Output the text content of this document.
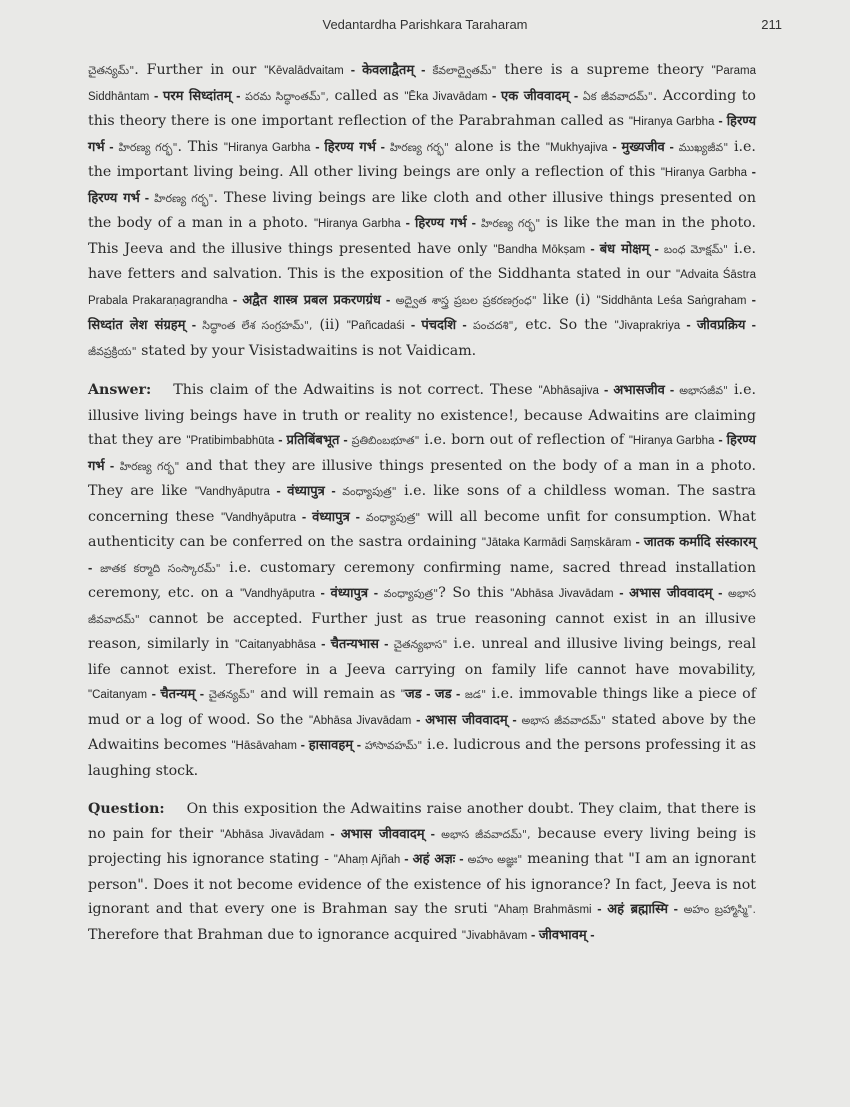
Vedantardha Parishkara Taraharam	211

చైతన్యమ్". Further in our "Kēvalādvaitam - केवलाद्वैतम् - కేవలాద్వైతమ్" there is a supreme theory "Parama Siddhāntam - परम सिध्दांतम् - పరమ సిద్ధాంతమ్", called as "Ēka Jivavādam - एक जीववादम् - ఏక జీవవాదమ్". According to this theory there is one important reflection of the Parabrahman called as "Hiranya Garbha - हिरण्य गर्भ - హిరణ్య గర్భ". This "Hiranya Garbha - हिरण्य गर्भ - హిరణ్య గర్భ" alone is the "Mukhyajiva - मुख्यजीव - ముఖ్యజీవ" i.e. the important living being. All other living beings are only a reflection of this "Hiranya Garbha - हिरण्य गर्भ - హిరణ్య గర్భ". These living beings are like cloth and other illusive things presented on the body of a man in a photo. "Hiranya Garbha - हिरण्य गर्भ - హిరణ్య గర్భ" is like the man in the photo. This Jeeva and the illusive things presented have only "Bandha Mōkṣam - बंध मोक्षम् - బంధ మోక్షమ్" i.e. have fetters and salvation. This is the exposition of the Siddhanta stated in our "Advaita Śāstra Prabala Prakaraṇagrandha - अद्वैत शास्त्र प्रबल प्रकरणग्रंध - అద్వైత శాస్త్ర ప్రబల ప్రకరణగ్రంధ" like (i) "Siddhānta Leśa Saṅgraham - सिध्दांत लेश संग्रहम् - సిద్ధాంత లేశ సంగ్రహమ్", (ii) "Pañcadaśi - पंचदशि - పంచదశి", etc. So the "Jivaprakriya - जीवप्रक्रिय - జీవప్రక్రియ" stated by your Visistadwaitins is not Vaidicam.

Answer: This claim of the Adwaitins is not correct. These "Abhāsajiva - अभासजीव - అభాసజీవ" i.e. illusive living beings have in truth or reality no existence!, because Adwaitins are claiming that they are "Pratibimbabhūta - प्रतिबिंबभूत - ప్రతిబింబభూత" i.e. born out of reflection of "Hiranya Garbha - हिरण्य गर्भ - హిరణ్య గర్భ" and that they are illusive things presented on the body of a man in a photo. They are like "Vandhyāputra - वंध्यापुत्र - వంధ్యాపుత్ర" i.e. like sons of a childless woman. The sastra concerning these "Vandhyāputra - वंध्यापुत्र - వంధ్యాపుత్ర" will all become unfit for consumption. What authenticity can be conferred on the sastra ordaining "Jātaka Karmādi Saṃskāram - जातक कर्मादि संस्कारम् - జాతక కర్మాది సంస్కారమ్" i.e. customary ceremony confirming name, sacred thread installation ceremony, etc. on a "Vandhyāputra - वंध्यापुत्र - వంధ్యాపుత్ర"? So this "Abhāsa Jivavādam - अभास जीववादम् - అభాస జీవవాదమ్" cannot be accepted. Further just as true reasoning cannot exist in an illusive reason, similarly in "Caitanyabhāsa - चैतन्यभास - చైతన్యభాస" i.e. unreal and illusive living beings, real life cannot exist. Therefore in a Jeeva carrying on family life cannot have movability, "Caitanyam - चैतन्यम् - చైతన్యమ్" and will remain as "जड - जड - జడ" i.e. immovable things like a piece of mud or a log of wood. So the "Abhāsa Jivavādam - अभास जीववादम् - అభాస జీవవాదమ్" stated above by the Adwaitins becomes "Hāsāvaham - हासावहम् - హాసావహమ్" i.e. ludicrous and the persons professing it as laughing stock.

Question: On this exposition the Adwaitins raise another doubt. They claim, that there is no pain for their "Abhāsa Jivavādam - अभास जीववादम् - అభాస జీవవాదమ్", because every living being is projecting his ignorance stating - "Ahaṃ Ajñah - अहं अज्ञः - అహం అజ్ఞః" meaning that "I am an ignorant person". Does it not become evidence of the existence of his ignorance? In fact, Jeeva is not ignorant and that every one is Brahman say the sruti "Ahaṃ Brahmāsmi - अहं ब्रह्मास्मि - అహం బ్రహ్మాస్మి". Therefore that Brahman due to ignorance acquired "Jivabhāvam - जीवभावम् -
